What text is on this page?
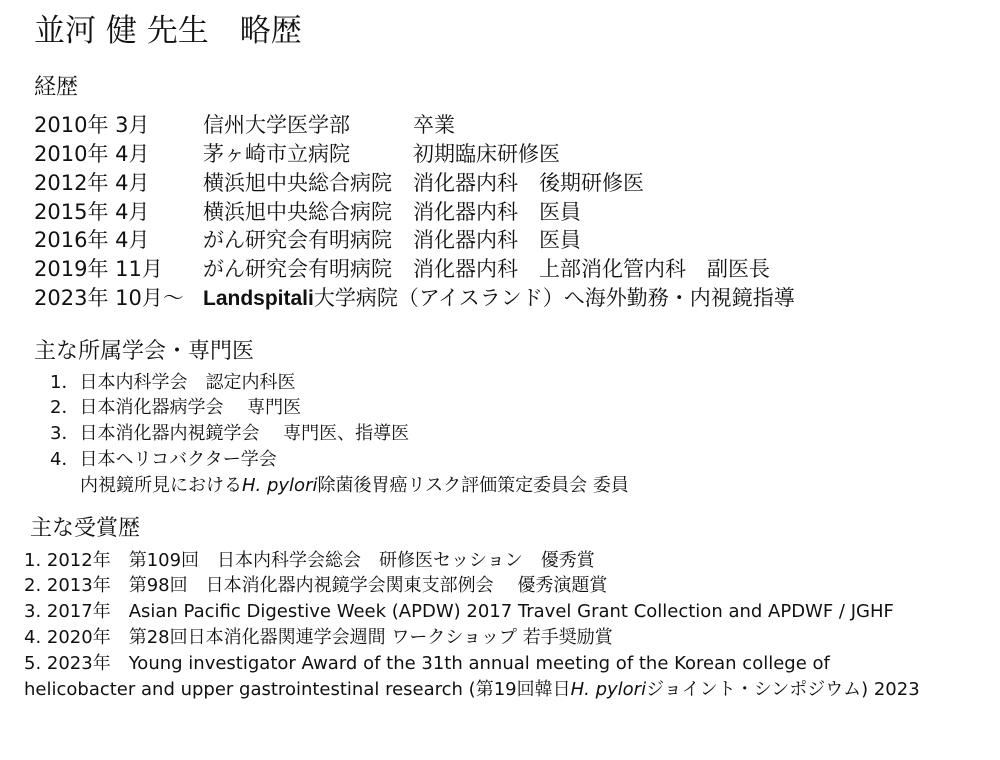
並河 健 先生　略歴
経歴
2010年 3月	信州大学医学部　　　卒業
2010年 4月	茅ヶ崎市立病院　　　初期臨床研修医
2012年 4月	横浜旭中央総合病院　消化器内科　後期研修医
2015年 4月	横浜旭中央総合病院　消化器内科　医員
2016年 4月	がん研究会有明病院　消化器内科　医員
2019年 11月 がん研究会有明病院　消化器内科　上部消化管内科　副医長
2023年 10月～ Landspitali大学病院（アイスランド）へ海外勤務・内視鏡指導
主な所属学会・専門医
1．日本内科学会　認定内科医
2．日本消化器病学会　 専門医
3．日本消化器内視鏡学会　 専門医、指導医
4．日本ヘリコバクター学会
内視鏡所見におけるH. pylori除菌後胃癌リスク評価策定委員会 委員
主な受賞歴
1. 2012年　第109回　日本内科学会総会　研修医セッション　優秀賞
2. 2013年　第98回　日本消化器内視鏡学会関東支部例会　 優秀演題賞
3. 2017年　Asian Pacific Digestive Week (APDW) 2017 Travel Grant Collection and APDWF / JGHF
4. 2020年　第28回日本消化器関連学会週間 ワークショップ 若手奨励賞
5. 2023年　Young investigator Award of the 31th annual meeting of the Korean college of
helicobacter and upper gastrointestinal research (第19回韓日H. pyloriジョイント・シンポジウム) 2023
